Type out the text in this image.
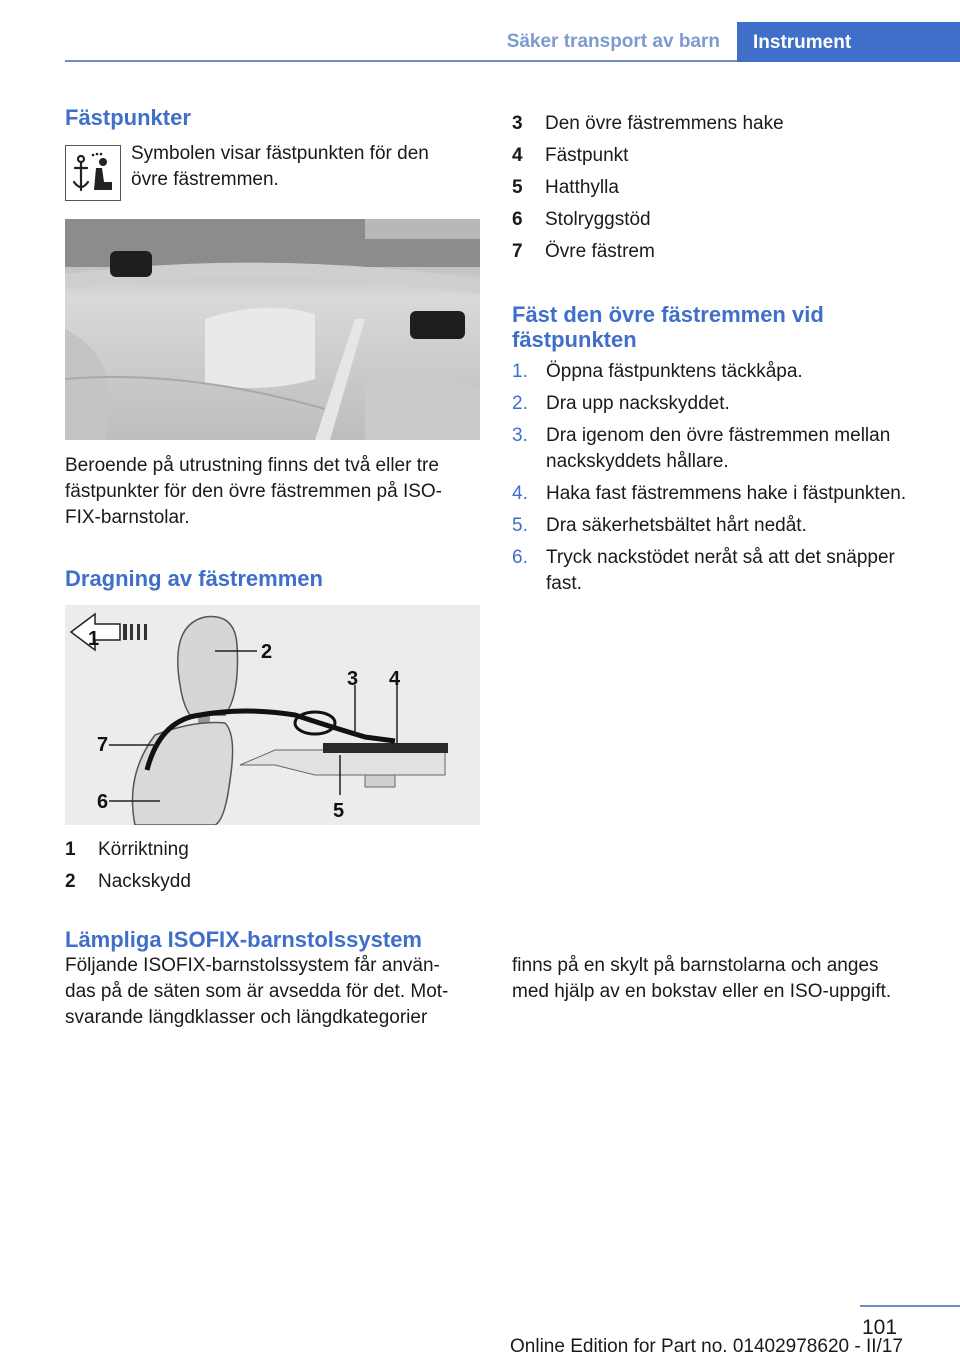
Säker transport av barn Instrument
Fästpunkter
Symbolen visar fästpunkten för den
övre fästremmen.
Beroende på utrustning finns det två eller tre
fästpunkter för den övre fästremmen på ISO‐
FIX-barnstolar.
Dragning av fästremmen
1
2
3 4
5
6
7
1 Körriktning
2 Nackskydd
3 Den övre fästremmens hake
4 Fästpunkt
5 Hatthylla
6 Stolryggstöd
7 Övre fästrem
Fäst den övre fästremmen vid
fästpunkten
1. Öppna fästpunktens täckkåpa.
2. Dra upp nackskyddet.
3. Dra igenom den övre fästremmen mellan nackskyddets hållare.
4. Haka fast fästremmens hake i fästpunkten.
5. Dra säkerhetsbältet hårt nedåt.
6. Tryck nackstödet neråt så att det snäpper fast.
Lämpliga ISOFIX-barnstolssystem
Följande ISOFIX-barnstolssystem får använ‐
das på de säten som är avsedda för det. Mot‐
svarande längdklasser och längdkategorier
finns på en skylt på barnstolarna och anges
med hjälp av en bokstav eller en ISO-uppgift.
101
Online Edition for Part no. 01402978620 - II/17
